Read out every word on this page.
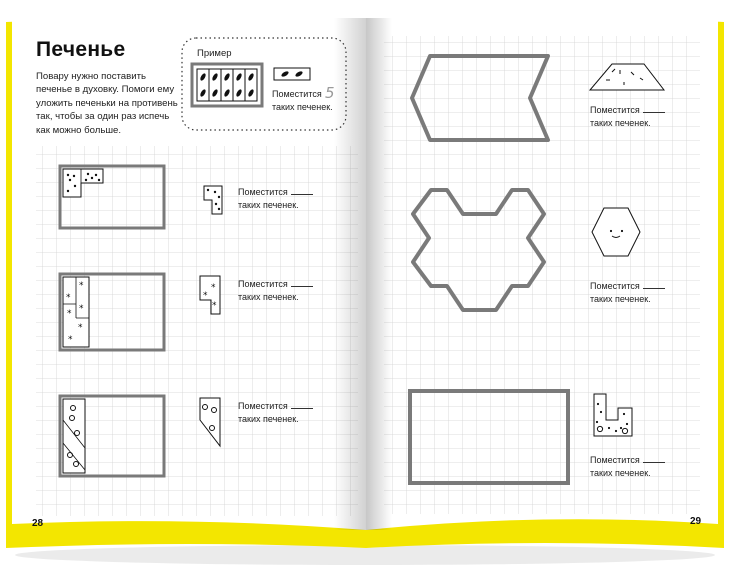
*
*
*
*
*
*
*
*
*
Печенье
Повару нужно поставить
печенье в духовку. Помоги ему
уложить печеньки на противень
так, чтобы за один раз испечь
как можно больше.
Пример
Поместится
таких печенек.
5
Поместится
таких печенек.
Поместится
таких печенек.
Поместится
таких печенек.
Поместится
таких печенек.
Поместится
таких печенек.
Поместится
таких печенек.
28	29
